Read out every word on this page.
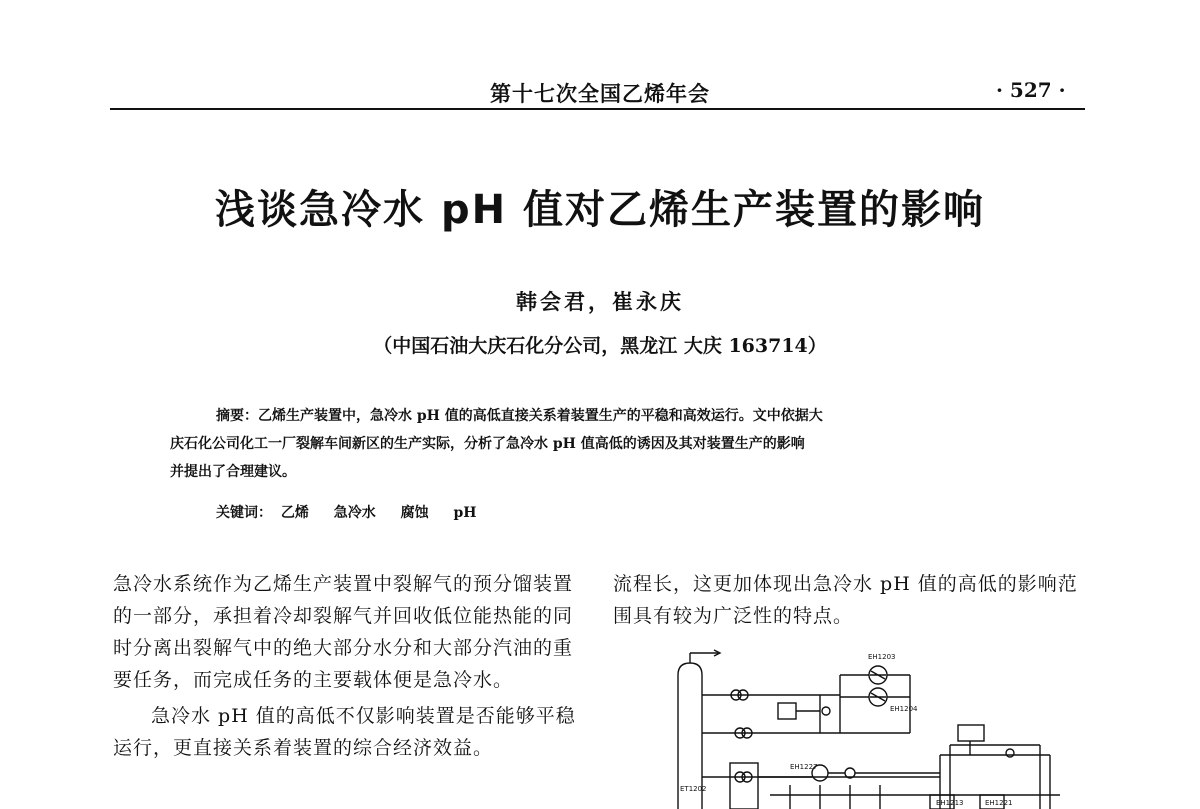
第十七次全国乙烯年会	· 527 ·
浅谈急冷水 pH 值对乙烯生产装置的影响
韩会君，崔永庆
（中国石油大庆石化分公司，黑龙江 大庆 163714）
摘要：乙烯生产装置中，急冷水 pH 值的高低直接关系着装置生产的平稳和高效运行。文中依据大
庆石化公司化工一厂裂解车间新区的生产实际，分析了急冷水 pH 值高低的诱因及其对装置生产的影响
并提出了合理建议。
关键词： 乙烯 急冷水 腐蚀 pH

急冷水系统作为乙烯生产装置中裂解气的预分馏装置的一部分，承担着冷却裂解气并回收低位能热能的同时分离出裂解气中的绝大部分水分和大部分汽油的重要任务，而完成任务的主要载体便是急冷水。

急冷水 pH 值的高低不仅影响装置是否能够平稳运行，更直接关系着装置的综合经济效益。

流程长，这更加体现出急冷水 pH 值的高低的影响范围具有较为广泛性的特点。

EH1203
EH1204
EH1227
ET1202
EH1213	EH1221
